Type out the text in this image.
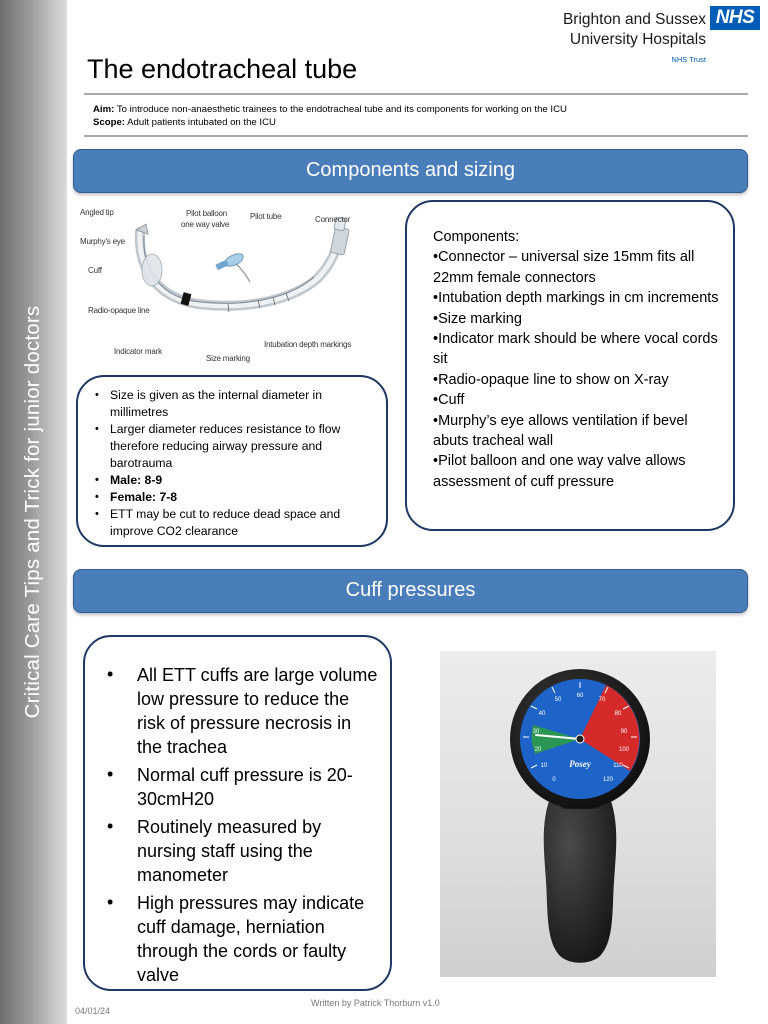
Critical Care Tips and Trick for junior doctors
Brighton and Sussex
University Hospitals
NHS
NHS Trust
The endotracheal tube
Aim: To introduce non-anaesthetic trainees to the endotracheal tube and its components for working on the ICU
Scope: Adult patients intubated on the ICU
Components and sizing
Angled tip	Pilot balloon
one way valve
Pilot tube	Connector
Murphy's eye
Cuff
Radio-opaque line
Intubation depth markings
Indicator mark
Size marking
• Size is given as the internal diameter in millimetres
• Larger diameter reduces resistance to flow therefore reducing airway pressure and barotrauma
• Male: 8-9
• Female: 7-8
• ETT may be cut to reduce dead space and improve CO2 clearance

Components:

•Connector – universal size 15mm fits all 22mm female connectors

•Intubation depth markings in cm increments

•Size marking

•Indicator mark should be where vocal cords sit

•Radio-opaque line to show on X-ray

•Cuff

•Murphy’s eye allows ventilation if bevel abuts tracheal wall

•Pilot balloon and one way valve allows assessment of cuff pressure

Cuff pressures
• All ETT cuffs are large volume low pressure to reduce the risk of pressure necrosis in the trachea
• Normal cuff pressure is 20-30cmH20
• Routinely measured by nursing staff using the manometer
• High pressures may indicate cuff damage, herniation through the cords or faulty valve
60
70
80
90
100
110
120
50
40
30
20
10
0
Posey
Written by Patrick Thorburn v1.0
04/01/24
